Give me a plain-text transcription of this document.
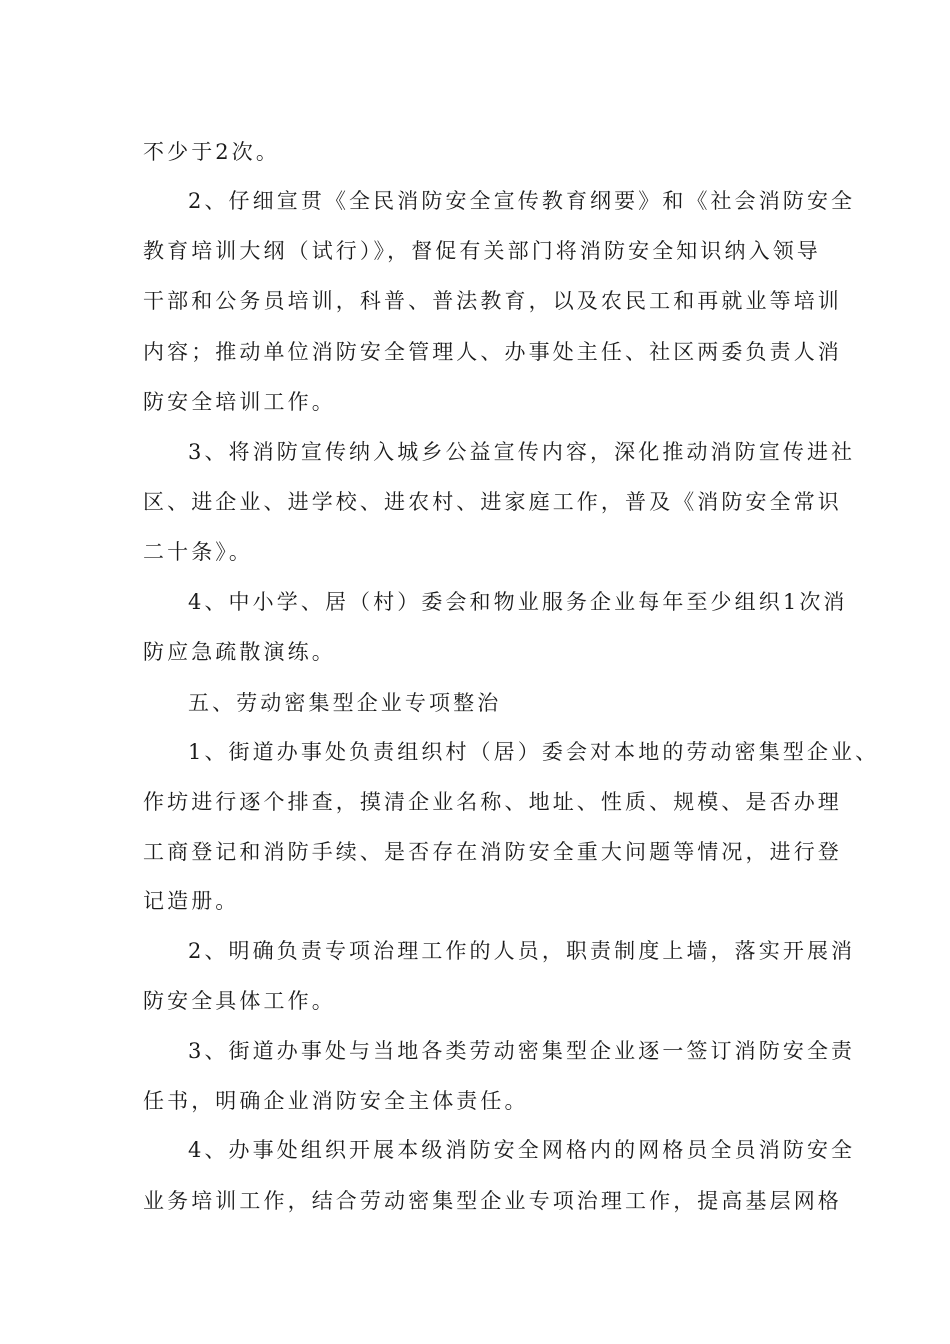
不少于2次。

2、仔细宣贯《全民消防安全宣传教育纲要》和《社会消防安全

教育培训大纲（试行）》，督促有关部门将消防安全知识纳入领导

干部和公务员培训，科普、普法教育，以及农民工和再就业等培训

内容；推动单位消防安全管理人、办事处主任、社区两委负责人消

防安全培训工作。

3、将消防宣传纳入城乡公益宣传内容，深化推动消防宣传进社

区、进企业、进学校、进农村、进家庭工作，普及《消防安全常识

二十条》。

4、中小学、居（村）委会和物业服务企业每年至少组织1次消

防应急疏散演练。

五、劳动密集型企业专项整治

1、街道办事处负责组织村（居）委会对本地的劳动密集型企业、

作坊进行逐个排查，摸清企业名称、地址、性质、规模、是否办理

工商登记和消防手续、是否存在消防安全重大问题等情况，进行登

记造册。

2、明确负责专项治理工作的人员，职责制度上墙，落实开展消

防安全具体工作。

3、街道办事处与当地各类劳动密集型企业逐一签订消防安全责

任书，明确企业消防安全主体责任。

4、办事处组织开展本级消防安全网格内的网格员全员消防安全

业务培训工作，结合劳动密集型企业专项治理工作，提高基层网格
